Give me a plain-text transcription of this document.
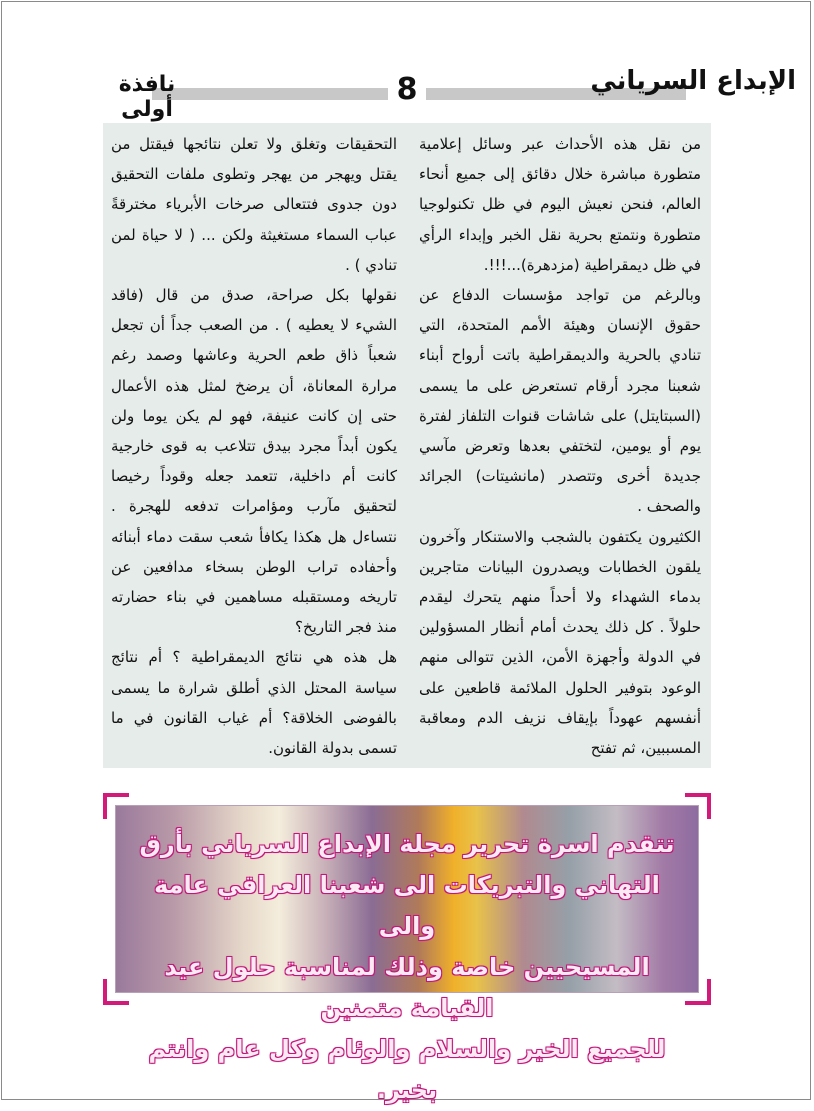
الإبداع السرياني
8
نافذة أولى

من نقل هذه الأحداث عبر وسائل إعلامية متطورة مباشرة خلال دقائق إلى جميع أنحاء العالم، فنحن نعيش اليوم في ظل تكنولوجيا متطورة ونتمتع بحرية نقل الخبر وإبداء الرأي في ظل ديمقراطية (مزدهرة)...!!!.

وبالرغم من تواجد مؤسسات الدفاع عن حقوق الإنسان وهيئة الأمم المتحدة، التي تنادي بالحرية والديمقراطية باتت أرواح أبناء شعبنا مجرد أرقام تستعرض على ما يسمى (السبتايتل) على شاشات قنوات التلفاز لفترة يوم أو يومين، لتختفي بعدها وتعرض مآسي جديدة أخرى وتتصدر (مانشيتات) الجرائد والصحف .

الكثيرون يكتفون بالشجب والاستنكار وآخرون يلقون الخطابات ويصدرون البيانات متاجرين بدماء الشهداء ولا أحداً منهم يتحرك ليقدم حلولاً . كل ذلك يحدث أمام أنظار المسؤولين في الدولة وأجهزة الأمن، الذين تتوالى منهم الوعود بتوفير الحلول الملائمة قاطعين على أنفسهم عهوداً بإيقاف نزيف الدم ومعاقبة المسببين، ثم تفتح

التحقيقات وتغلق ولا تعلن نتائجها فيقتل من يقتل ويهجر من يهجر وتطوى ملفات التحقيق دون جدوى فتتعالى صرخات الأبرياء مخترقةً عباب السماء مستغيثة ولكن ... ( لا حياة لمن تنادي ) .

نقولها بكل صراحة، صدق من قال (فاقد الشيء لا يعطيه ) . من الصعب جداً أن تجعل شعباً ذاق طعم الحرية وعاشها وصمد رغم مرارة المعاناة، أن يرضخ لمثل هذه الأعمال حتى إن كانت عنيفة، فهو لم يكن يوما ولن يكون أبداً مجرد بيدق تتلاعب به قوى خارجية كانت أم داخلية، تتعمد جعله وقوداً رخيصا لتحقيق مآرب ومؤامرات تدفعه للهجرة . نتساءل هل هكذا يكافأ شعب سقت دماء أبنائه وأحفاده تراب الوطن بسخاء مدافعين عن تاريخه ومستقبله مساهمين في بناء حضارته منذ فجر التاريخ؟

هل هذه هي نتائج الديمقراطية ؟ أم نتائج سياسة المحتل الذي أطلق شرارة ما يسمى بالفوضى الخلاقة؟ أم غياب القانون في ما تسمى بدولة القانون.

تتقدم اسرة تحرير مجلة الإبداع السرياني بأرق

التهاني والتبريكات الى شعبنا العراقي عامة والى

المسيحيين خاصة وذلك لمناسبة حلول عيد القيامة متمنين

للجميع الخير والسلام والوئام وكل عام وانتم بخير.
